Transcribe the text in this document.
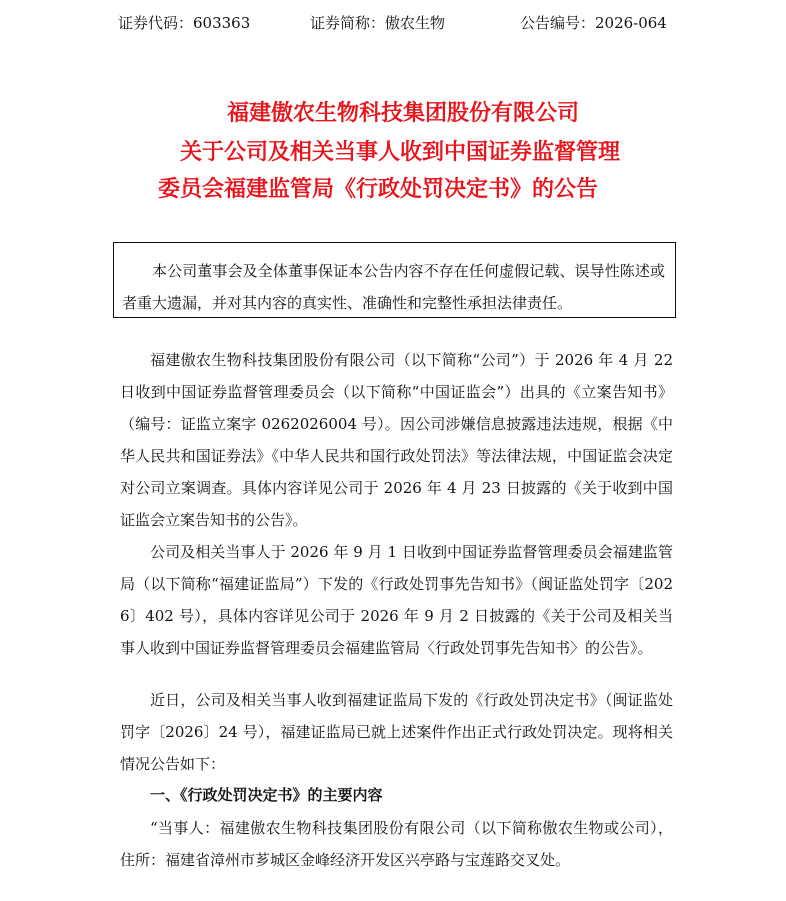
证券代码：603363	证券简称：傲农生物	公告编号：2026-064
福建傲农生物科技集团股份有限公司
关于公司及相关当事人收到中国证券监督管理
委员会福建监管局《行政处罚决定书》的公告

本公司董事会及全体董事保证本公告内容不存在任何虚假记载、误导性陈述或者重大遗漏，并对其内容的真实性、准确性和完整性承担法律责任。

福建傲农生物科技集团股份有限公司（以下简称“公司”）于 2026 年 4 月 22 日收到中国证券监督管理委员会（以下简称“中国证监会”）出具的《立案告知书》（编号：证监立案字 0262026004 号）。因公司涉嫌信息披露违法违规，根据《中华人民共和国证券法》《中华人民共和国行政处罚法》等法律法规，中国证监会决定对公司立案调查。具体内容详见公司于 2026 年 4 月 23 日披露的《关于收到中国证监会立案告知书的公告》。

公司及相关当事人于 2026 年 9 月 1 日收到中国证券监督管理委员会福建监管局（以下简称“福建证监局”）下发的《行政处罚事先告知书》（闽证监处罚字〔2026〕402 号），具体内容详见公司于 2026 年 9 月 2 日披露的《关于公司及相关当事人收到中国证券监督管理委员会福建监管局〈行政处罚事先告知书〉的公告》。

近日，公司及相关当事人收到福建证监局下发的《行政处罚决定书》（闽证监处罚字〔2026〕24 号），福建证监局已就上述案件作出正式行政处罚决定。现将相关情况公告如下：

一、《行政处罚决定书》的主要内容

“当事人：福建傲农生物科技集团股份有限公司（以下简称傲农生物或公司），住所：福建省漳州市芗城区金峰经济开发区兴亭路与宝莲路交叉处。
